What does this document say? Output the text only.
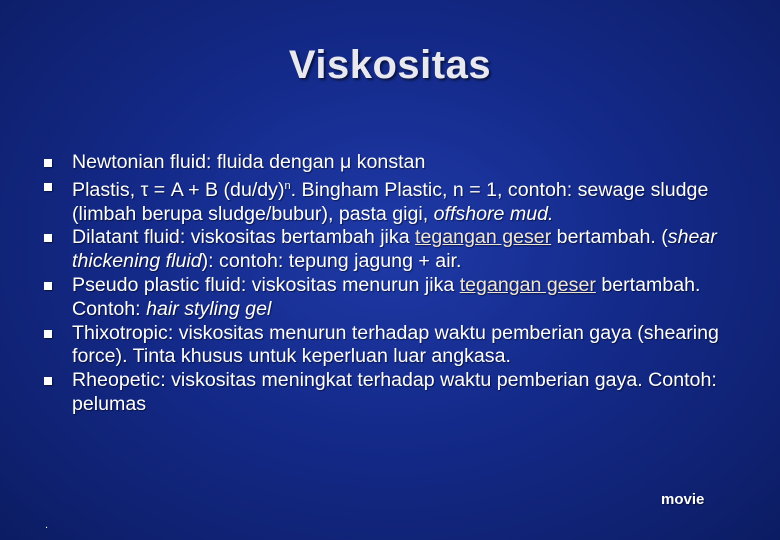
Viskositas
Newtonian fluid: fluida dengan μ konstan
Plastis, τ = A + B $(du/dy)^n$. Bingham Plastic, n = 1, contoh: sewage sludge (limbah berupa sludge/bubur), pasta gigi, offshore mud.
Dilatant fluid: viskositas bertambah jika tegangan geser bertambah. (shear thickening fluid): contoh: tepung jagung + air.
Pseudo plastic fluid: viskositas menurun jika tegangan geser bertambah. Contoh: hair styling gel
Thixotropic: viskositas menurun terhadap waktu pemberian gaya (shearing force). Tinta khusus untuk keperluan luar angkasa.
Rheopetic: viskositas meningkat terhadap waktu pemberian gaya. Contoh: pelumas
movie
.
